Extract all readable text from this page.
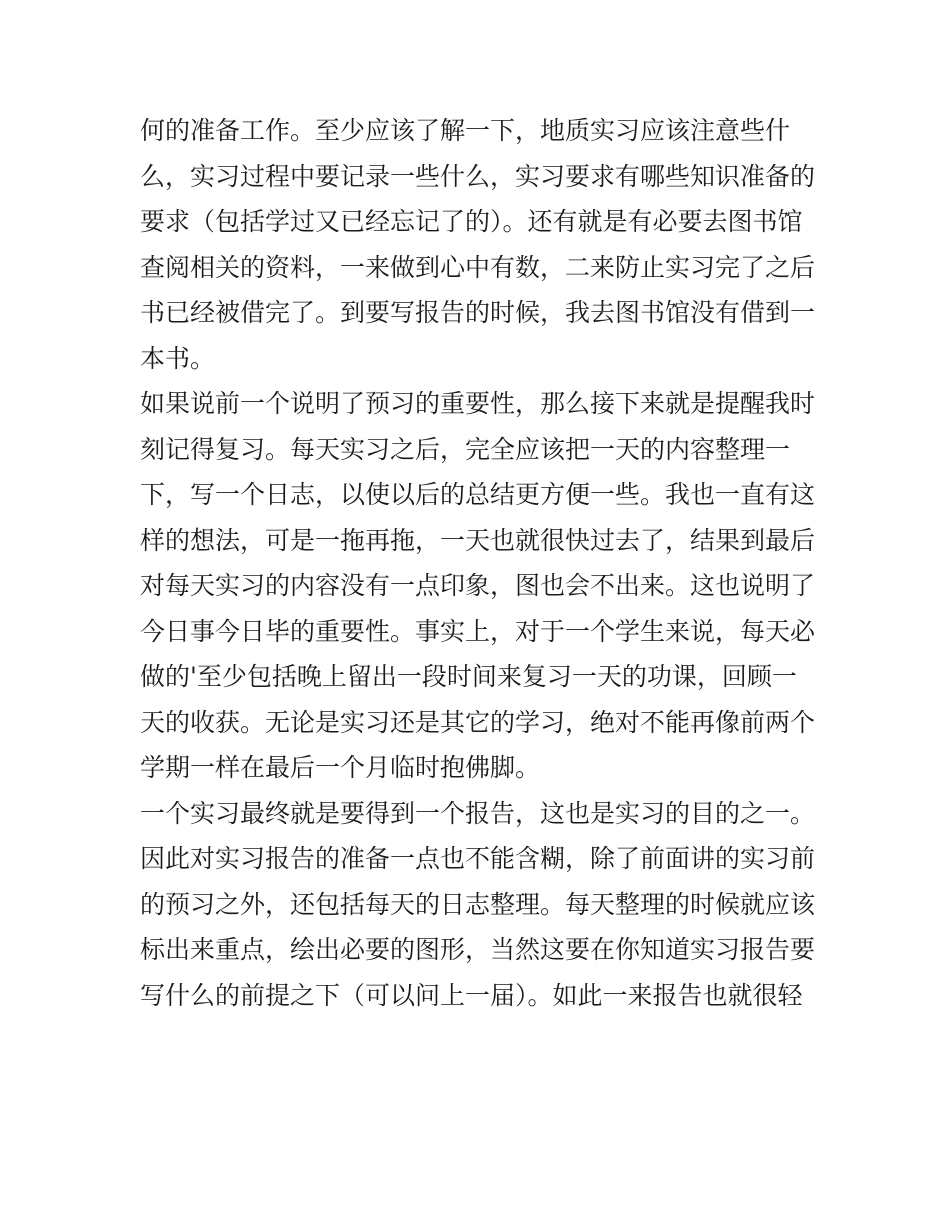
何的准备工作。至少应该了解一下，地质实习应该注意些什
么，实习过程中要记录一些什么，实习要求有哪些知识准备的
要求（包括学过又已经忘记了的）。还有就是有必要去图书馆
查阅相关的资料，一来做到心中有数，二来防止实习完了之后
书已经被借完了。到要写报告的时候，我去图书馆没有借到一
本书。
如果说前一个说明了预习的重要性，那么接下来就是提醒我时
刻记得复习。每天实习之后，完全应该把一天的内容整理一
下，写一个日志，以使以后的总结更方便一些。我也一直有这
样的想法，可是一拖再拖，一天也就很快过去了，结果到最后
对每天实习的内容没有一点印象，图也会不出来。这也说明了
今日事今日毕的重要性。事实上，对于一个学生来说，每天必
做的'至少包括晚上留出一段时间来复习一天的功课，回顾一
天的收获。无论是实习还是其它的学习，绝对不能再像前两个
学期一样在最后一个月临时抱佛脚。
一个实习最终就是要得到一个报告，这也是实习的目的之一。
因此对实习报告的准备一点也不能含糊，除了前面讲的实习前
的预习之外，还包括每天的日志整理。每天整理的时候就应该
标出来重点，绘出必要的图形，当然这要在你知道实习报告要
写什么的前提之下（可以问上一届）。如此一来报告也就很轻
